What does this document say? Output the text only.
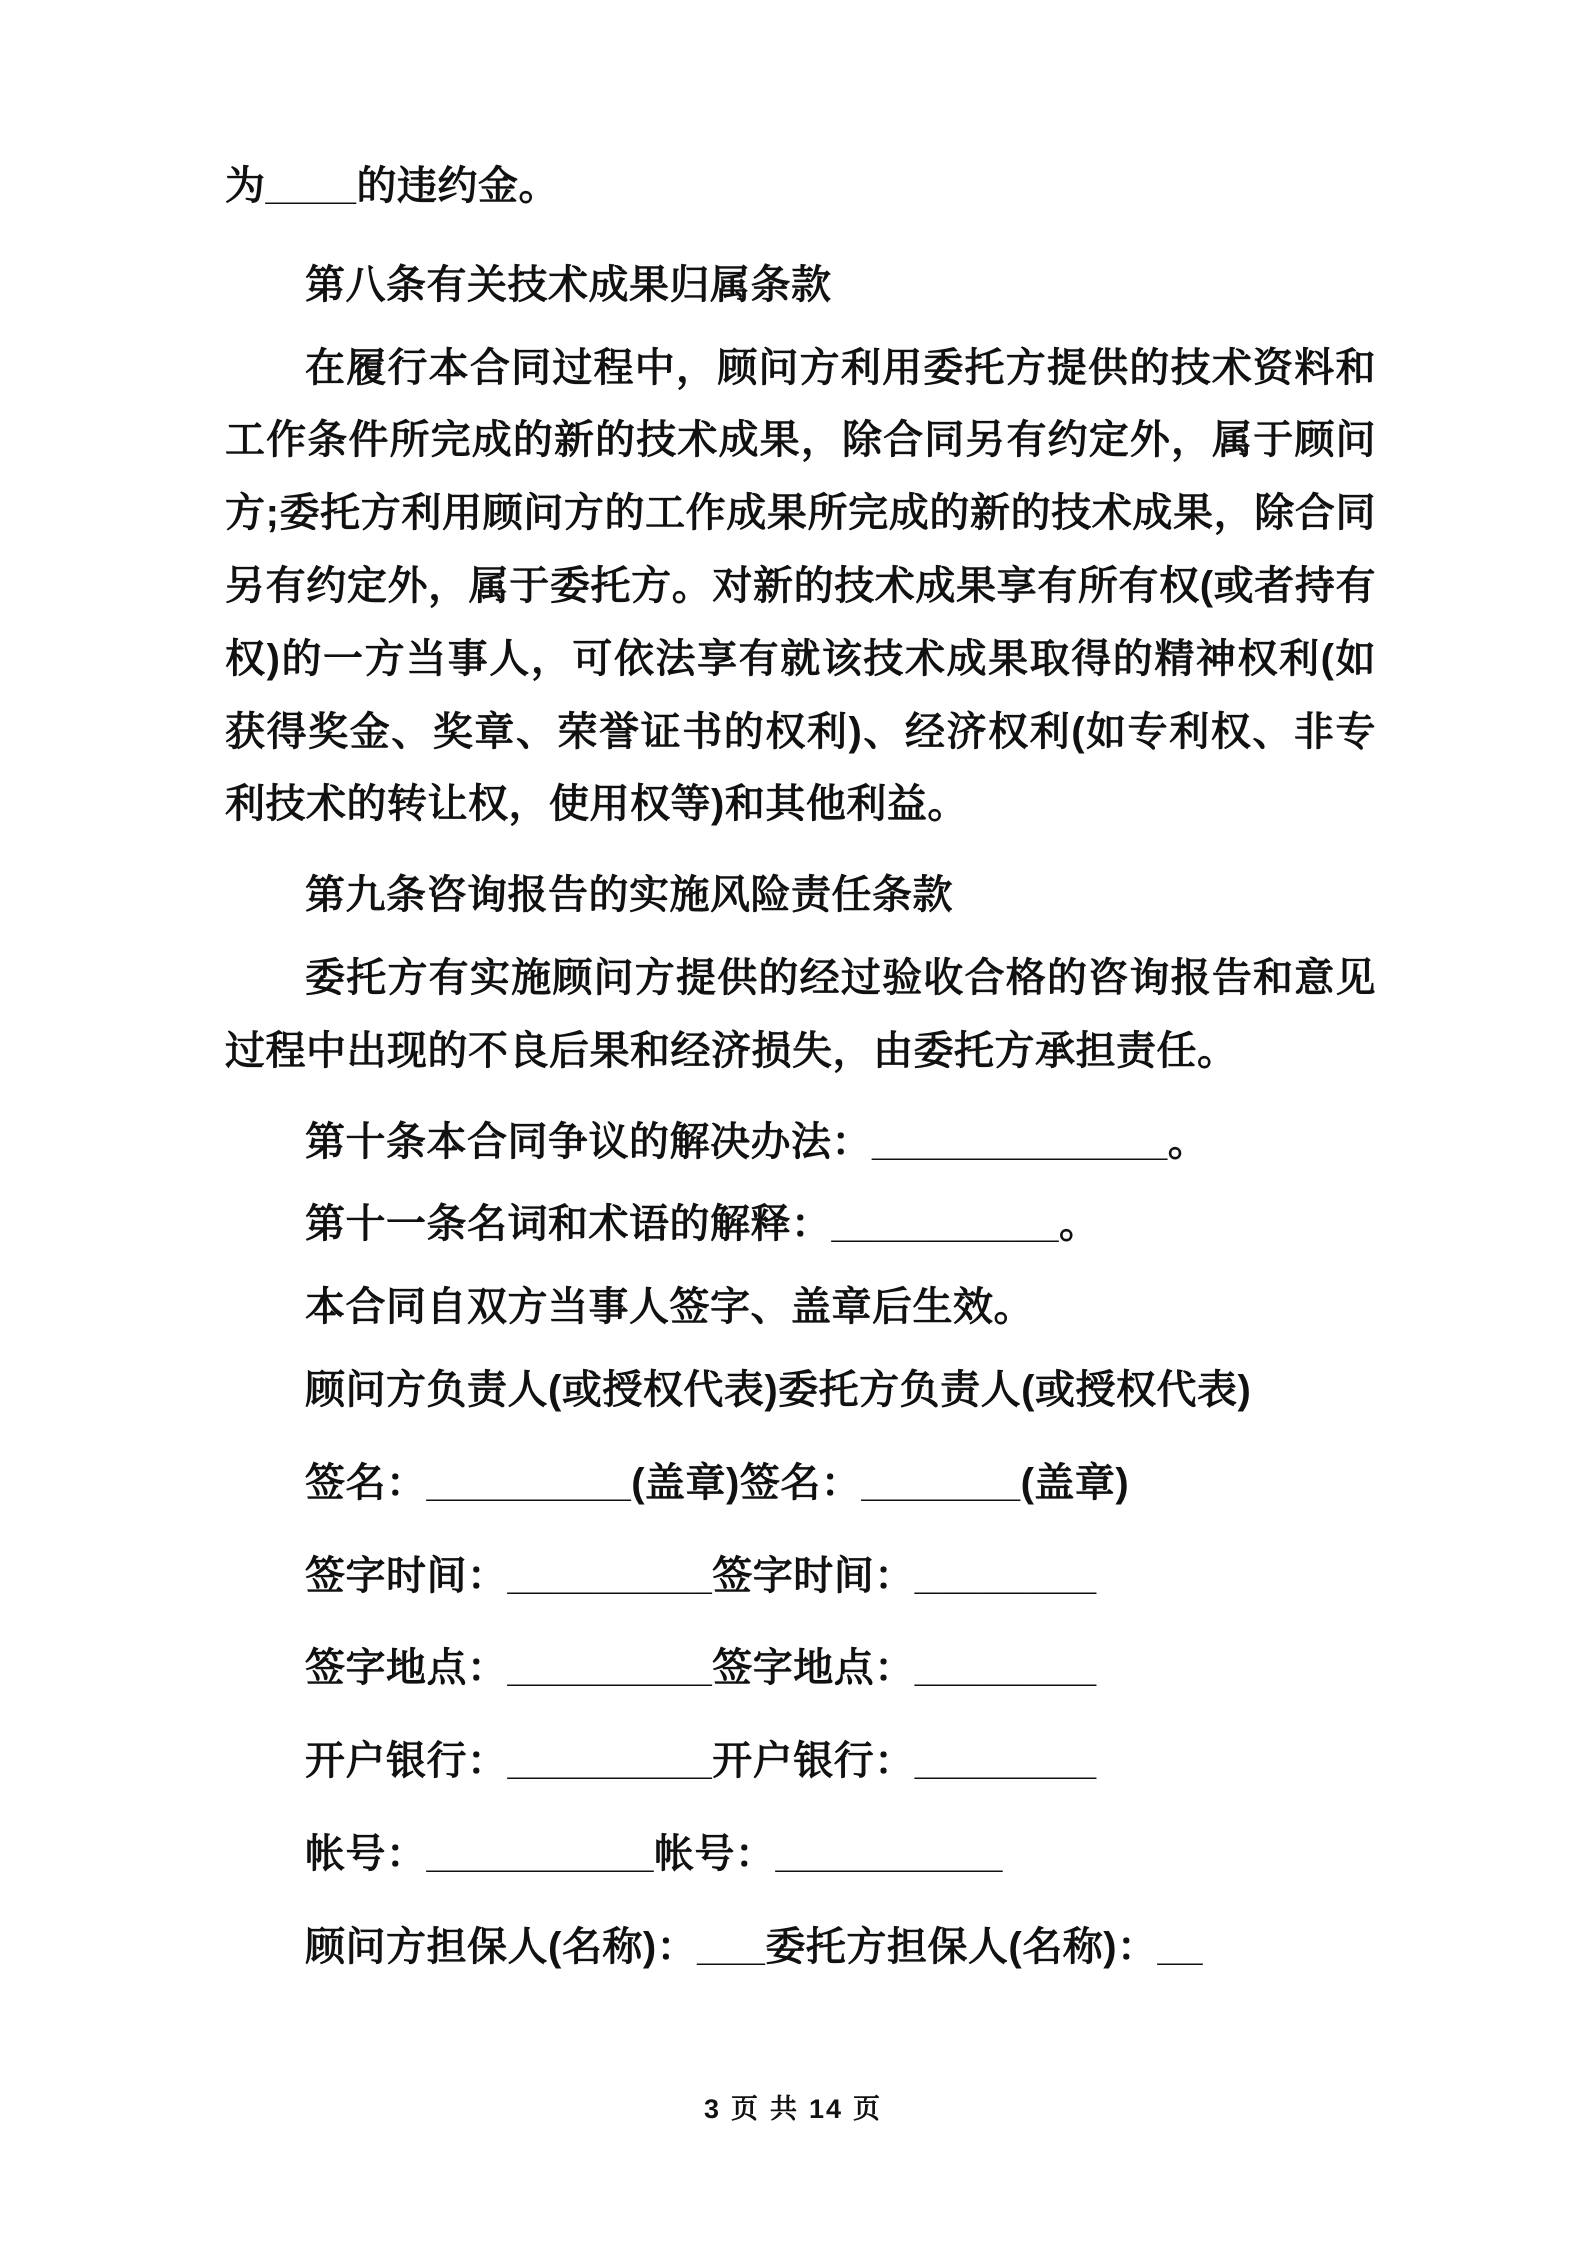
为____的违约金。

第八条有关技术成果归属条款

在履行本合同过程中，顾问方利用委托方提供的技术资料和工作条件所完成的新的技术成果，除合同另有约定外，属于顾问方;委托方利用顾问方的工作成果所完成的新的技术成果，除合同另有约定外，属于委托方。对新的技术成果享有所有权(或者持有权)的一方当事人，可依法享有就该技术成果取得的精神权利(如获得奖金、奖章、荣誉证书的权利)、经济权利(如专利权、非专利技术的转让权，使用权等)和其他利益。

第九条咨询报告的实施风险责任条款

委托方有实施顾问方提供的经过验收合格的咨询报告和意见过程中出现的不良后果和经济损失，由委托方承担责任。

第十条本合同争议的解决办法：_____________。

第十一条名词和术语的解释：__________。

本合同自双方当事人签字、盖章后生效。

顾问方负责人(或授权代表)委托方负责人(或授权代表)

签名：_________(盖章)签名：_______(盖章)

签字时间：_________签字时间：________

签字地点：_________签字地点：________

开户银行：_________开户银行：________

帐号：__________帐号：__________

顾问方担保人(名称)：___委托方担保人(名称)：__

3 页 共 14 页
